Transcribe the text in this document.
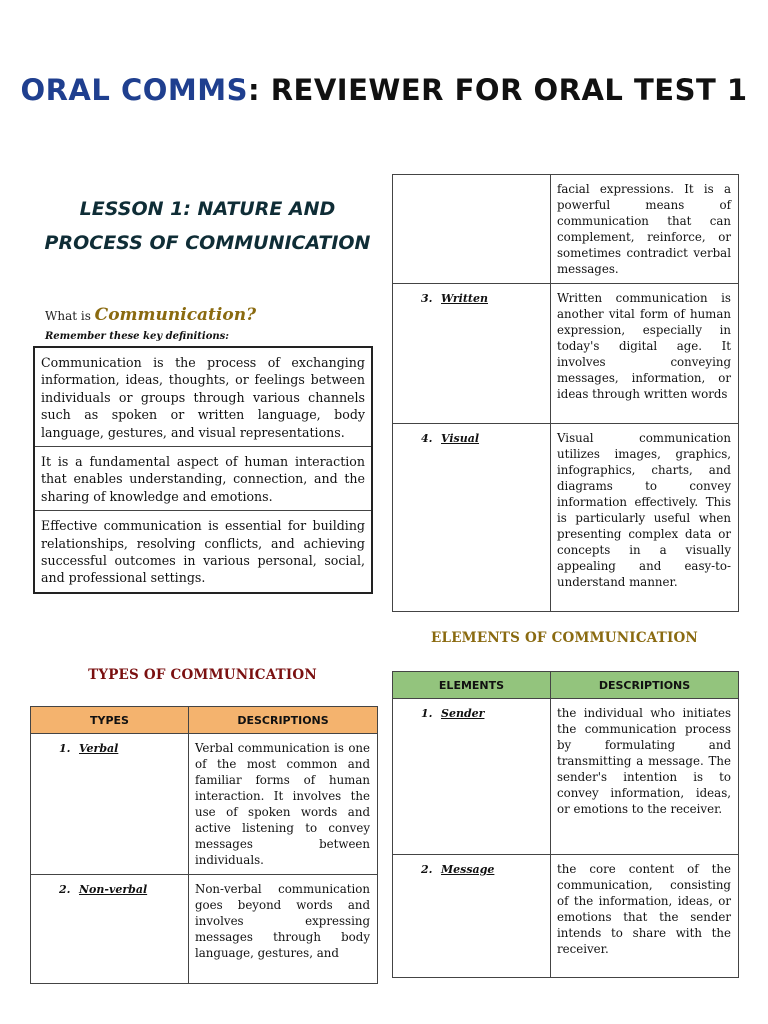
ORAL COMMS: REVIEWER FOR ORAL TEST 1
LESSON 1: NATURE AND PROCESS OF COMMUNICATION
What is Communication?
Remember these key definitions:
Communication is the process of exchanging information, ideas, thoughts, or feelings between individuals or groups through various channels such as spoken or written language, body language, gestures, and visual representations.
It is a fundamental aspect of human interaction that enables understanding, connection, and the sharing of knowledge and emotions.
Effective communication is essential for building relationships, resolving conflicts, and achieving successful outcomes in various personal, social, and professional settings.
TYPES OF COMMUNICATION
TYPES	DESCRIPTIONS
1. Verbal	Verbal communication is one of the most common and familiar forms of human interaction. It involves the use of spoken words and active listening to convey messages between individuals.
2. Non-verbal	Non-verbal communication goes beyond words and involves expressing messages through body language, gestures, and
	facial expressions. It is a powerful means of communication that can complement, reinforce, or sometimes contradict verbal messages.
3. Written	Written communication is another vital form of human expression, especially in today's digital age. It involves conveying messages, information, or ideas through written words
4. Visual	Visual communication utilizes images, graphics, infographics, charts, and diagrams to convey information effectively. This is particularly useful when presenting complex data or concepts in a visually appealing and easy-to-understand manner.
ELEMENTS OF COMMUNICATION
ELEMENTS	DESCRIPTIONS
1. Sender	the individual who initiates the communication process by formulating and transmitting a message. The sender's intention is to convey information, ideas, or emotions to the receiver.
2. Message	the core content of the communication, consisting of the information, ideas, or emotions that the sender intends to share with the receiver.
